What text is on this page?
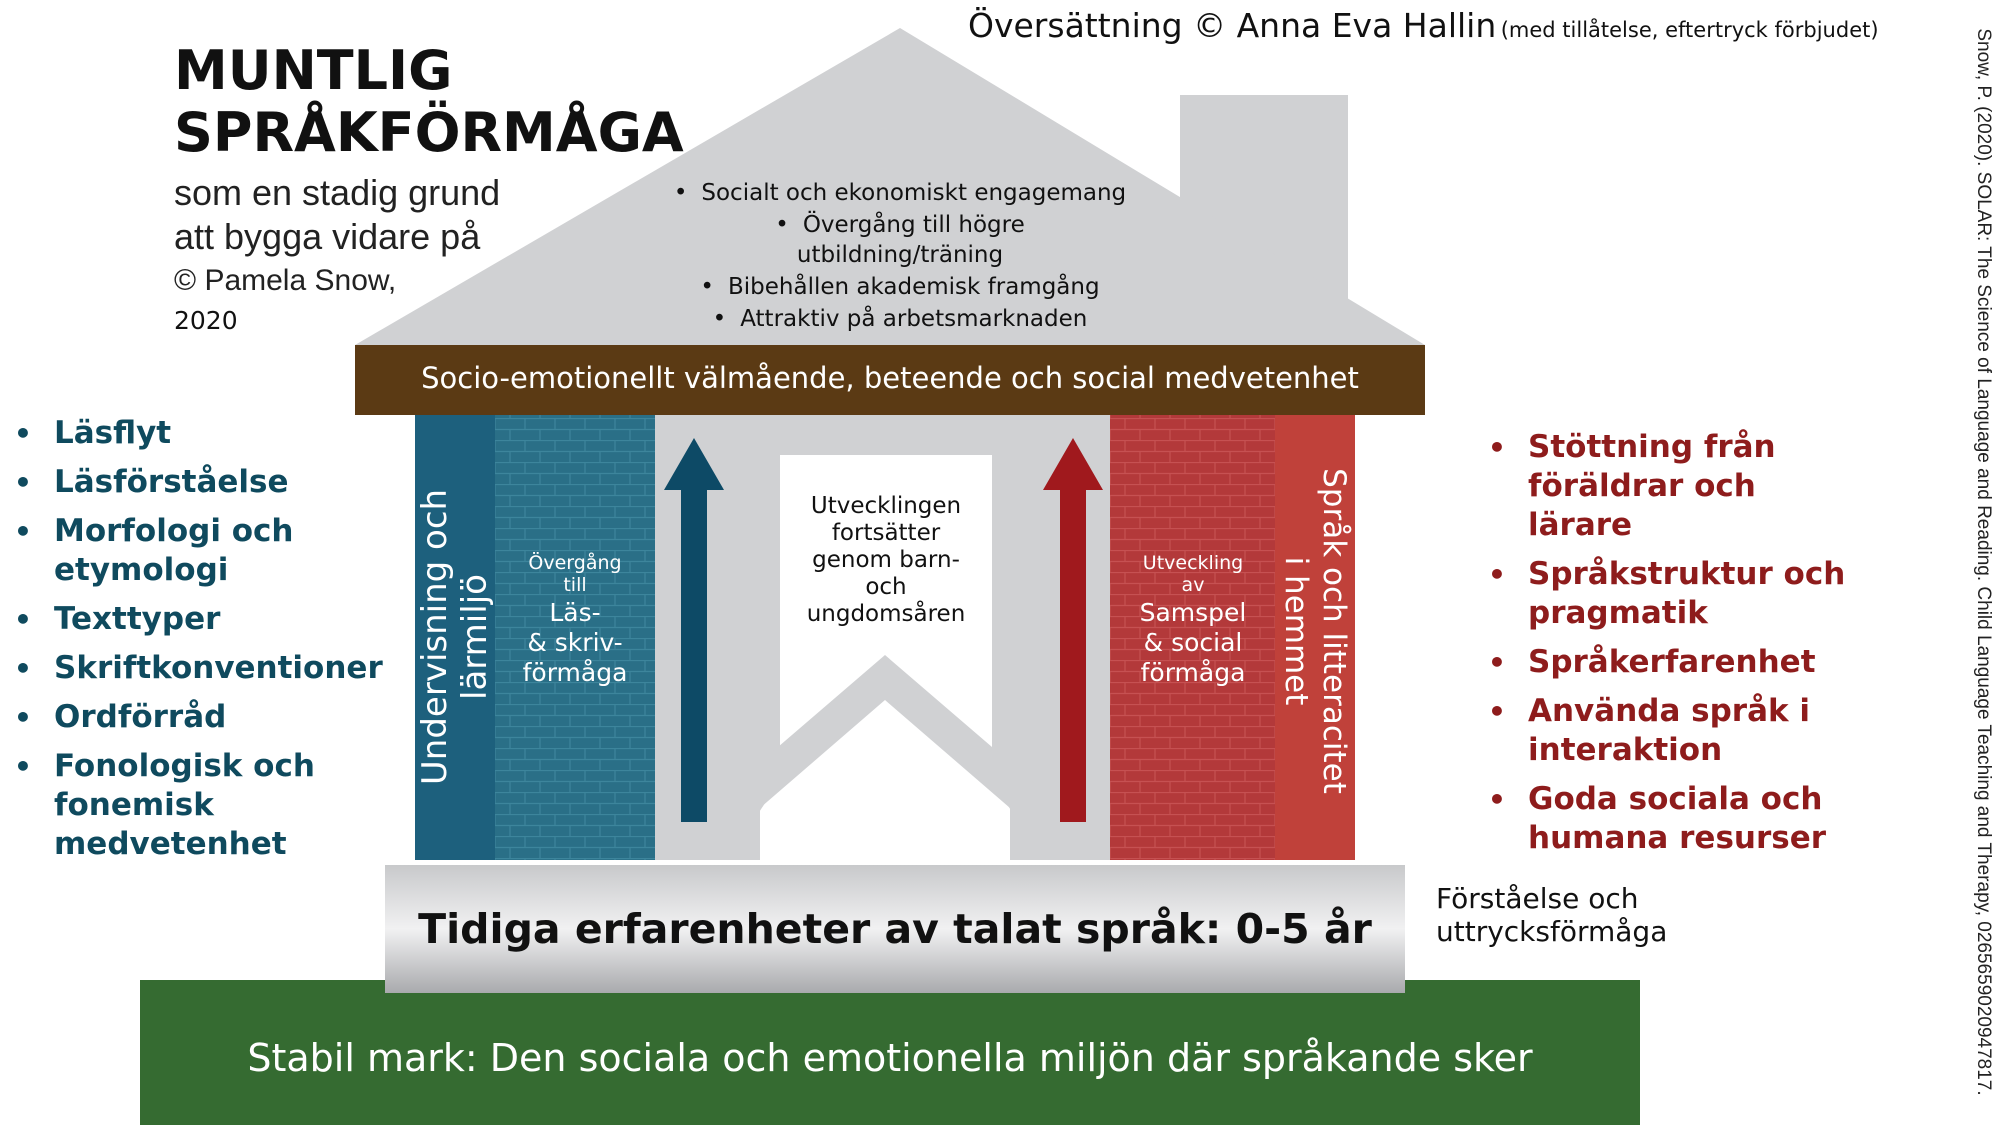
Översättning © Anna Eva Hallin (med tillåtelse, eftertryck förbjudet)
MUNTLIG
SPRÅKFÖRMÅGA
som en stadig grund
att bygga vidare på
© Pamela Snow,
2020
• Socialt och ekonomiskt engagemang
• Övergång till högre utbildning/träning
• Bibehållen akademisk framgång
• Attraktiv på arbetsmarknaden
Socio-emotionellt välmående, beteende och social medvetenhet
Undervisning och lärmiljö
Övergång
till
Läs-
& skriv-
förmåga
Utvecklingen
fortsätter
genom barn-
och
ungdomsåren
Utveckling
av
Samspel
& social
förmåga	Språk och litteracitet
i hemmet
Tidiga erfarenheter av talat språk: 0-5 år
Förståelse och
uttrycksförmåga
Stabil mark: Den sociala och emotionella miljön där språkande sker
• Läsflyt
• Läsförståelse
• Morfologi och
etymologi
• Texttyper
• Skriftkonventioner
• Ordförråd
• Fonologisk och
fonemisk
medvetenhet
• Stöttning från
föräldrar och
lärare
• Språkstruktur och
pragmatik
• Språkerfarenhet
• Använda språk i
interaktion
• Goda sociala och
humana resurser	Snow, P. (2020). SOLAR: The Science of Language and Reading. Child Language Teaching and Therapy, 0265659020947817.
